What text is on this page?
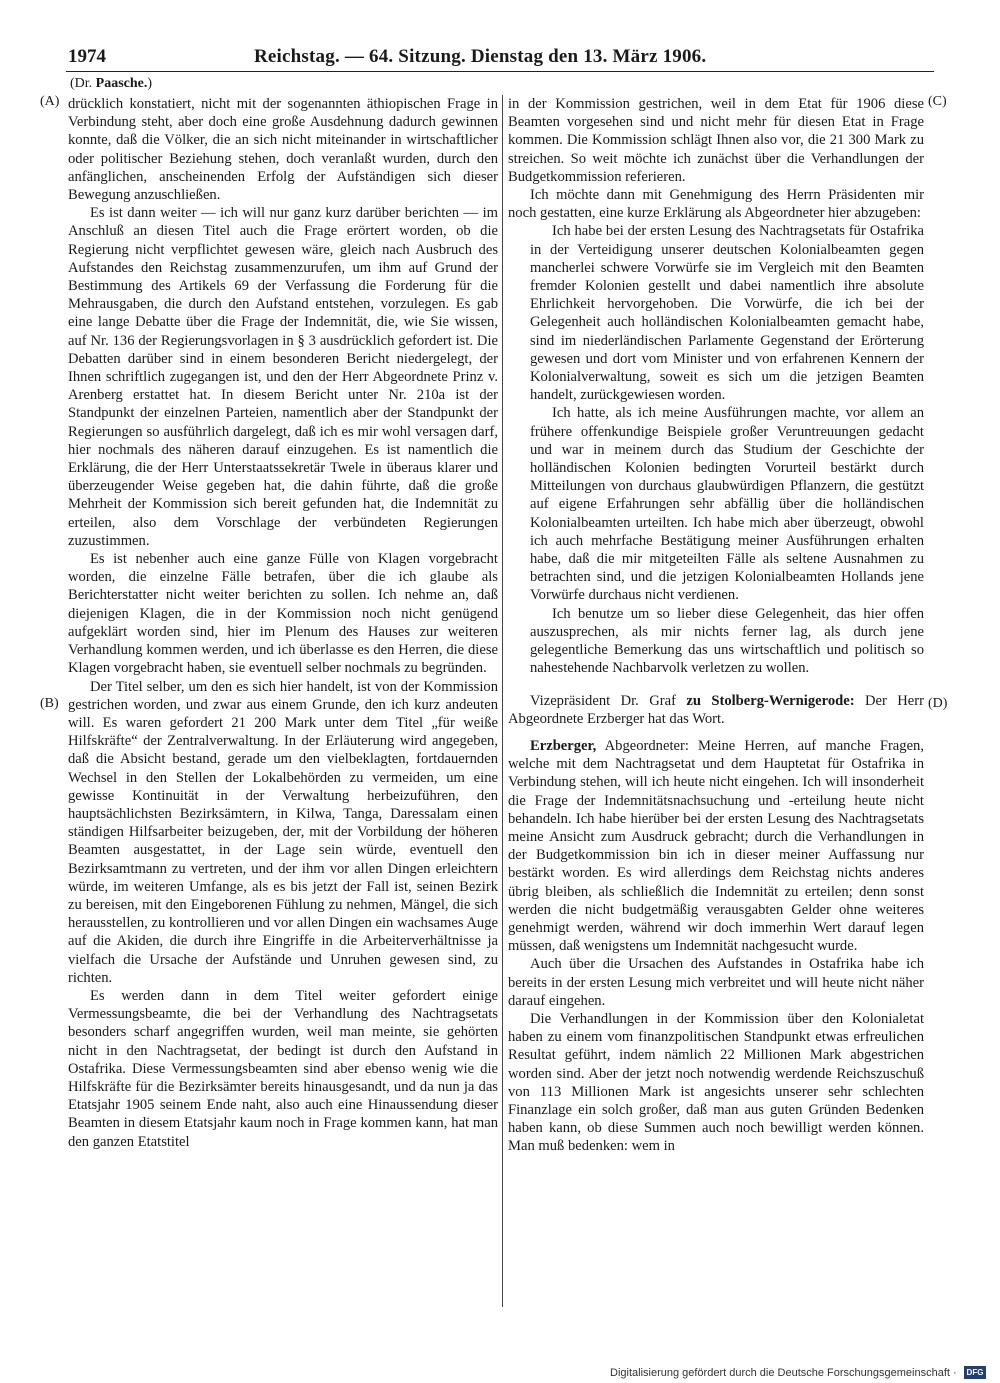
1974	Reichstag. — 64. Sitzung. Dienstag den 13. März 1906.
(Dr. Paasche.)
(A)
(B)
(C)
(D)

drücklich konstatiert, nicht mit der sogenannten äthiopischen Frage in Verbindung steht, aber doch eine große Ausdehnung dadurch gewinnen konnte, daß die Völker, die an sich nicht miteinander in wirtschaftlicher oder politischer Beziehung stehen, doch veranlaßt wurden, durch den anfänglichen, anscheinenden Erfolg der Aufständigen sich dieser Bewegung anzuschließen.

Es ist dann weiter — ich will nur ganz kurz darüber berichten — im Anschluß an diesen Titel auch die Frage erörtert worden, ob die Regierung nicht verpflichtet gewesen wäre, gleich nach Ausbruch des Aufstandes den Reichstag zusammenzurufen, um ihm auf Grund der Bestimmung des Artikels 69 der Verfassung die Forderung für die Mehrausgaben, die durch den Aufstand entstehen, vorzulegen. Es gab eine lange Debatte über die Frage der Indemnität, die, wie Sie wissen, auf Nr. 136 der Regierungsvorlagen in § 3 ausdrücklich gefordert ist. Die Debatten darüber sind in einem besonderen Bericht niedergelegt, der Ihnen schriftlich zugegangen ist, und den der Herr Abgeordnete Prinz v. Arenberg erstattet hat. In diesem Bericht unter Nr. 210a ist der Standpunkt der einzelnen Parteien, namentlich aber der Standpunkt der Regierungen so ausführlich dargelegt, daß ich es mir wohl versagen darf, hier nochmals des näheren darauf einzugehen. Es ist namentlich die Erklärung, die der Herr Unterstaatssekretär Twele in überaus klarer und überzeugender Weise gegeben hat, die dahin führte, daß die große Mehrheit der Kommission sich bereit gefunden hat, die Indemnität zu erteilen, also dem Vorschlage der verbündeten Regierungen zuzustimmen.

Es ist nebenher auch eine ganze Fülle von Klagen vorgebracht worden, die einzelne Fälle betrafen, über die ich glaube als Berichterstatter nicht weiter berichten zu sollen. Ich nehme an, daß diejenigen Klagen, die in der Kommission noch nicht genügend aufgeklärt worden sind, hier im Plenum des Hauses zur weiteren Verhandlung kommen werden, und ich überlasse es den Herren, die diese Klagen vorgebracht haben, sie eventuell selber nochmals zu begründen.

Der Titel selber, um den es sich hier handelt, ist von der Kommission gestrichen worden, und zwar aus einem Grunde, den ich kurz andeuten will. Es waren gefordert 21 200 Mark unter dem Titel „für weiße Hilfskräfte“ der Zentralverwaltung. In der Erläuterung wird angegeben, daß die Absicht bestand, gerade um den vielbeklagten, fortdauernden Wechsel in den Stellen der Lokalbehörden zu vermeiden, um eine gewisse Kontinuität in der Verwaltung herbeizuführen, den hauptsächlichsten Bezirksämtern, in Kilwa, Tanga, Daressalam einen ständigen Hilfsarbeiter beizugeben, der, mit der Vorbildung der höheren Beamten ausgestattet, in der Lage sein würde, eventuell den Bezirksamtmann zu vertreten, und der ihm vor allen Dingen erleichtern würde, im weiteren Umfange, als es bis jetzt der Fall ist, seinen Bezirk zu bereisen, mit den Eingeborenen Fühlung zu nehmen, Mängel, die sich herausstellen, zu kontrollieren und vor allen Dingen ein wachsames Auge auf die Akiden, die durch ihre Eingriffe in die Arbeiterverhältnisse ja vielfach die Ursache der Aufstände und Unruhen gewesen sind, zu richten.

Es werden dann in dem Titel weiter gefordert einige Vermessungsbeamte, die bei der Verhandlung des Nachtragsetats besonders scharf angegriffen wurden, weil man meinte, sie gehörten nicht in den Nachtragsetat, der bedingt ist durch den Aufstand in Ostafrika. Diese Vermessungsbeamten sind aber ebenso wenig wie die Hilfskräfte für die Bezirksämter bereits hinausgesandt, und da nun ja das Etatsjahr 1905 seinem Ende naht, also auch eine Hinaussendung dieser Beamten in diesem Etatsjahr kaum noch in Frage kommen kann, hat man den ganzen Etatstitel

in der Kommission gestrichen, weil in dem Etat für 1906 diese Beamten vorgesehen sind und nicht mehr für diesen Etat in Frage kommen. Die Kommission schlägt Ihnen also vor, die 21 300 Mark zu streichen. So weit möchte ich zunächst über die Verhandlungen der Budgetkommission referieren.

Ich möchte dann mit Genehmigung des Herrn Präsidenten mir noch gestatten, eine kurze Erklärung als Abgeordneter hier abzugeben:

Ich habe bei der ersten Lesung des Nachtragsetats für Ostafrika in der Verteidigung unserer deutschen Kolonialbeamten gegen mancherlei schwere Vorwürfe sie im Vergleich mit den Beamten fremder Kolonien gestellt und dabei namentlich ihre absolute Ehrlichkeit hervorgehoben. Die Vorwürfe, die ich bei der Gelegenheit auch holländischen Kolonialbeamten gemacht habe, sind im niederländischen Parlamente Gegenstand der Erörterung gewesen und dort vom Minister und von erfahrenen Kennern der Kolonialverwaltung, soweit es sich um die jetzigen Beamten handelt, zurückgewiesen worden.

Ich hatte, als ich meine Ausführungen machte, vor allem an frühere offenkundige Beispiele großer Veruntreuungen gedacht und war in meinem durch das Studium der Geschichte der holländischen Kolonien bedingten Vorurteil bestärkt durch Mitteilungen von durchaus glaubwürdigen Pflanzern, die gestützt auf eigene Erfahrungen sehr abfällig über die holländischen Kolonialbeamten urteilten. Ich habe mich aber überzeugt, obwohl ich auch mehrfache Bestätigung meiner Ausführungen erhalten habe, daß die mir mitgeteilten Fälle als seltene Ausnahmen zu betrachten sind, und die jetzigen Kolonialbeamten Hollands jene Vorwürfe durchaus nicht verdienen.

Ich benutze um so lieber diese Gelegenheit, das hier offen auszusprechen, als mir nichts ferner lag, als durch jene gelegentliche Bemerkung das uns wirtschaftlich und politisch so nahestehende Nachbarvolk verletzen zu wollen.

Vizepräsident Dr. Graf zu Stolberg-Wernigerode: Der Herr Abgeordnete Erzberger hat das Wort.

Erzberger, Abgeordneter: Meine Herren, auf manche Fragen, welche mit dem Nachtragsetat und dem Hauptetat für Ostafrika in Verbindung stehen, will ich heute nicht eingehen. Ich will insonderheit die Frage der Indemnitätsnachsuchung und -erteilung heute nicht behandeln. Ich habe hierüber bei der ersten Lesung des Nachtragsetats meine Ansicht zum Ausdruck gebracht; durch die Verhandlungen in der Budgetkommission bin ich in dieser meiner Auffassung nur bestärkt worden. Es wird allerdings dem Reichstag nichts anderes übrig bleiben, als schließlich die Indemnität zu erteilen; denn sonst werden die nicht budgetmäßig verausgabten Gelder ohne weiteres genehmigt werden, während wir doch immerhin Wert darauf legen müssen, daß wenigstens um Indemnität nachgesucht wurde.

Auch über die Ursachen des Aufstandes in Ostafrika habe ich bereits in der ersten Lesung mich verbreitet und will heute nicht näher darauf eingehen.

Die Verhandlungen in der Kommission über den Kolonialetat haben zu einem vom finanzpolitischen Standpunkt etwas erfreulichen Resultat geführt, indem nämlich 22 Millionen Mark abgestrichen worden sind. Aber der jetzt noch notwendig werdende Reichszuschuß von 113 Millionen Mark ist angesichts unserer sehr schlechten Finanzlage ein solch großer, daß man aus guten Gründen Bedenken haben kann, ob diese Summen auch noch bewilligt werden können. Man muß bedenken: wem in

Digitalisierung gefördert durch die Deutsche Forschungsgemeinschaft ·	DFG
